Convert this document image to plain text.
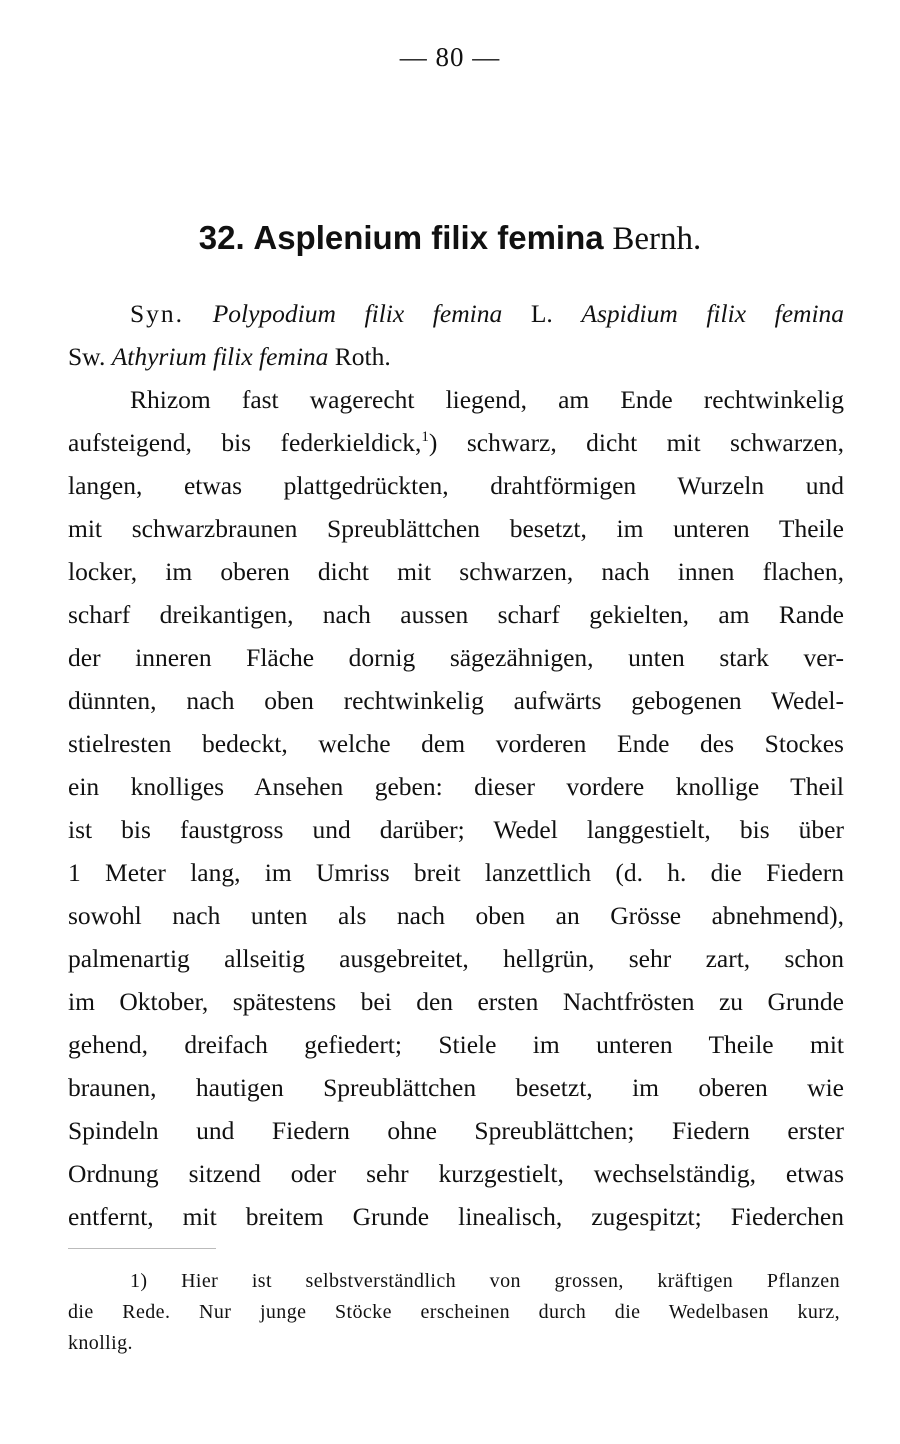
— 80 —
32. Asplenium filix femina Bernh.
Syn. Polypodium filix femina L. Aspidium filix femina
Sw. Athyrium filix femina Roth.
Rhizom fast wagerecht liegend, am Ende rechtwinkelig
aufsteigend, bis federkieldick,$^1$) schwarz, dicht mit schwarzen,
langen, etwas plattgedrückten, drahtförmigen Wurzeln und
mit schwarzbraunen Spreublättchen besetzt, im unteren Theile
locker, im oberen dicht mit schwarzen, nach innen flachen,
scharf dreikantigen, nach aussen scharf gekielten, am Rande
der inneren Fläche dornig sägezähnigen, unten stark ver-
dünnten, nach oben rechtwinkelig aufwärts gebogenen Wedel-
stielresten bedeckt, welche dem vorderen Ende des Stockes
ein knolliges Ansehen geben: dieser vordere knollige Theil
ist bis faustgross und darüber; Wedel langgestielt, bis über
1 Meter lang, im Umriss breit lanzettlich (d. h. die Fiedern
sowohl nach unten als nach oben an Grösse abnehmend),
palmenartig allseitig ausgebreitet, hellgrün, sehr zart, schon
im Oktober, spätestens bei den ersten Nachtfrösten zu Grunde
gehend, dreifach gefiedert; Stiele im unteren Theile mit
braunen, hautigen Spreublättchen besetzt, im oberen wie
Spindeln und Fiedern ohne Spreublättchen; Fiedern erster
Ordnung sitzend oder sehr kurzgestielt, wechselständig, etwas
entfernt, mit breitem Grunde linealisch, zugespitzt; Fiederchen
1) Hier ist selbstverständlich von grossen, kräftigen Pflanzen
die Rede. Nur junge Stöcke erscheinen durch die Wedelbasen kurz,
knollig.
